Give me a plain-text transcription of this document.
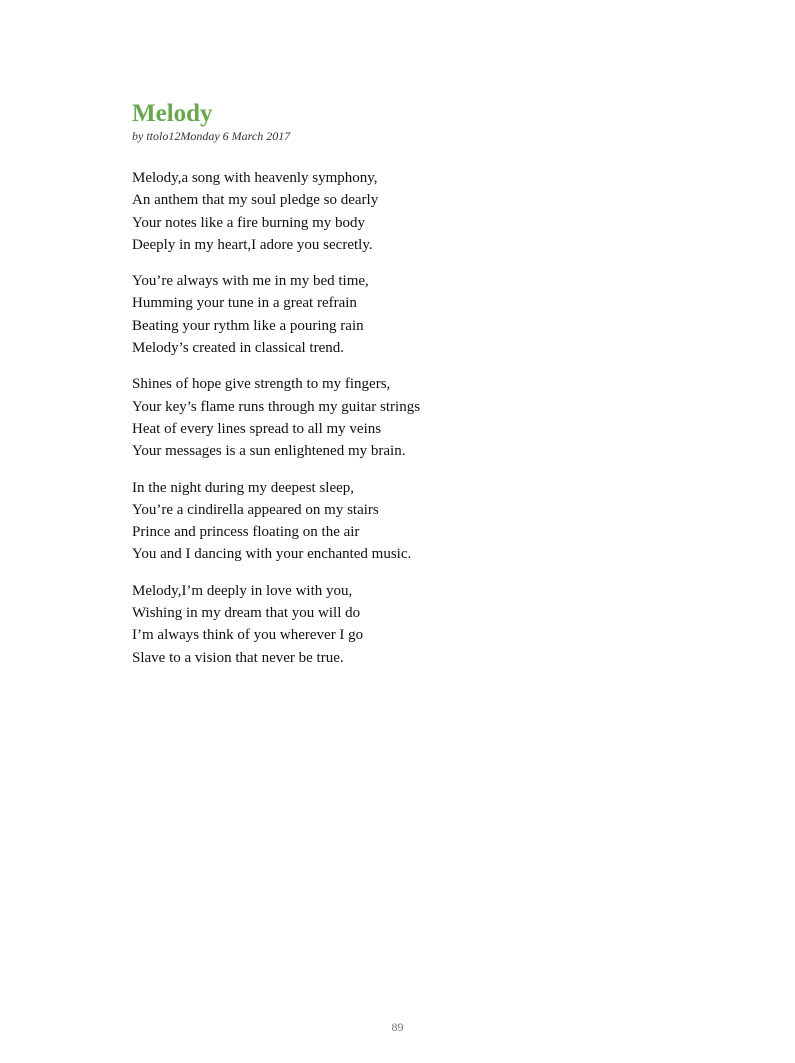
Melody

by ttolo12Monday 6 March 2017

Melody,a song with heavenly symphony,
An anthem that my soul pledge so dearly
Your notes like a fire burning my body
Deeply in my heart,I adore you secretly.

You’re always with me in my bed time,
Humming your tune in a great refrain
Beating your rythm like a pouring rain
Melody’s created in classical trend.

Shines of hope give strength to my fingers,
Your key’s flame runs through my guitar strings
Heat of every lines spread to all my veins
Your messages is a sun enlightened my brain.

In the night during my deepest sleep,
You’re a cindirella appeared on my stairs
Prince and princess floating on the air
You and I dancing with your enchanted music.

Melody,I’m deeply in love with you,
Wishing in my dream that you will do
I’m always think of you wherever I go
Slave to a vision that never be true.

89
